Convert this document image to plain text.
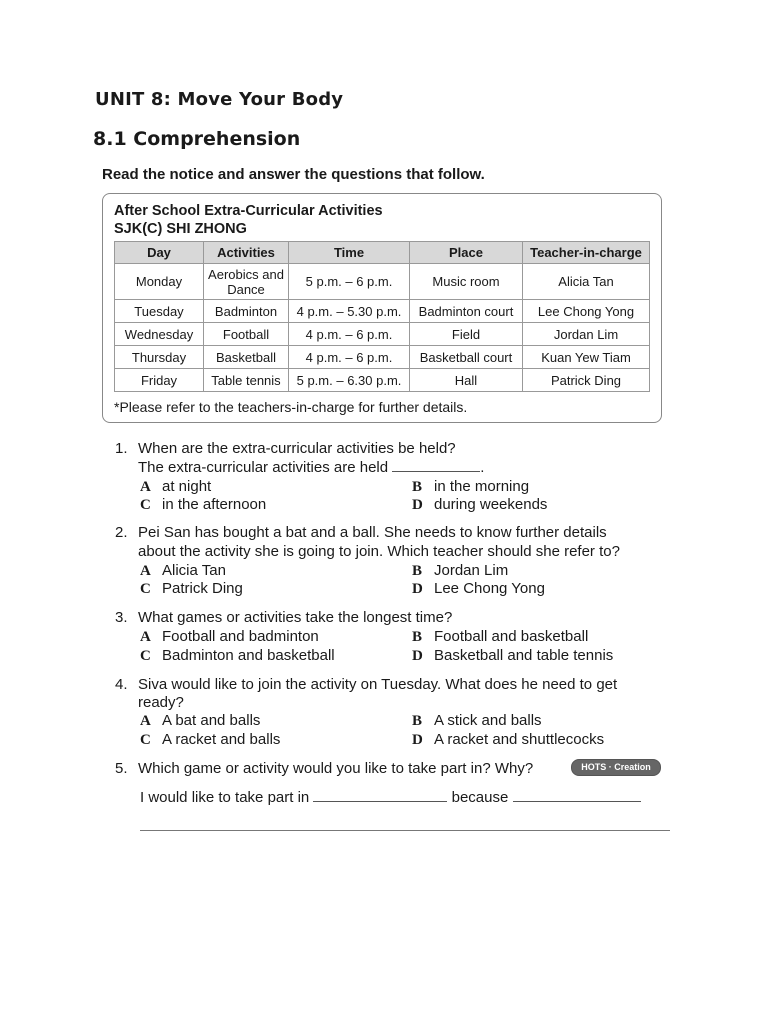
UNIT 8: Move Your Body
8.1 Comprehension
Read the notice and answer the questions that follow.
After School Extra-Curricular Activities
SJK(C) SHI ZHONG
Day	Activities	Time	Place	Teacher-in-charge
Monday	Aerobics and Dance	5 p.m. – 6 p.m.	Music room	Alicia Tan
Tuesday	Badminton	4 p.m. – 5.30 p.m.	Badminton court	Lee Chong Yong
Wednesday	Football	4 p.m. – 6 p.m.	Field	Jordan Lim
Thursday	Basketball	4 p.m. – 6 p.m.	Basketball court	Kuan Yew Tiam
Friday	Table tennis	5 p.m. – 6.30 p.m.	Hall	Patrick Ding
*Please refer to the teachers-in-charge for further details.
1. When are the extra-curricular activities be held?
The extra-curricular activities are held	.
A at night	B in the morning
C in the afternoon	D during weekends
2. Pei San has bought a bat and a ball. She needs to know further details
about the activity she is going to join. Which teacher should she refer to?
A Alicia Tan	B Jordan Lim
C Patrick Ding	D Lee Chong Yong
3. What games or activities take the longest time?
A Football and badminton	B Football and basketball
C Badminton and basketball	D Basketball and table tennis
4. Siva would like to join the activity on Tuesday. What does he need to get
ready?
A A bat and balls	B A stick and balls
C A racket and balls	D A racket and shuttlecocks
5. Which game or activity would you like to take part in? Why?	HOTS · Creation
I would like to take part in	because
